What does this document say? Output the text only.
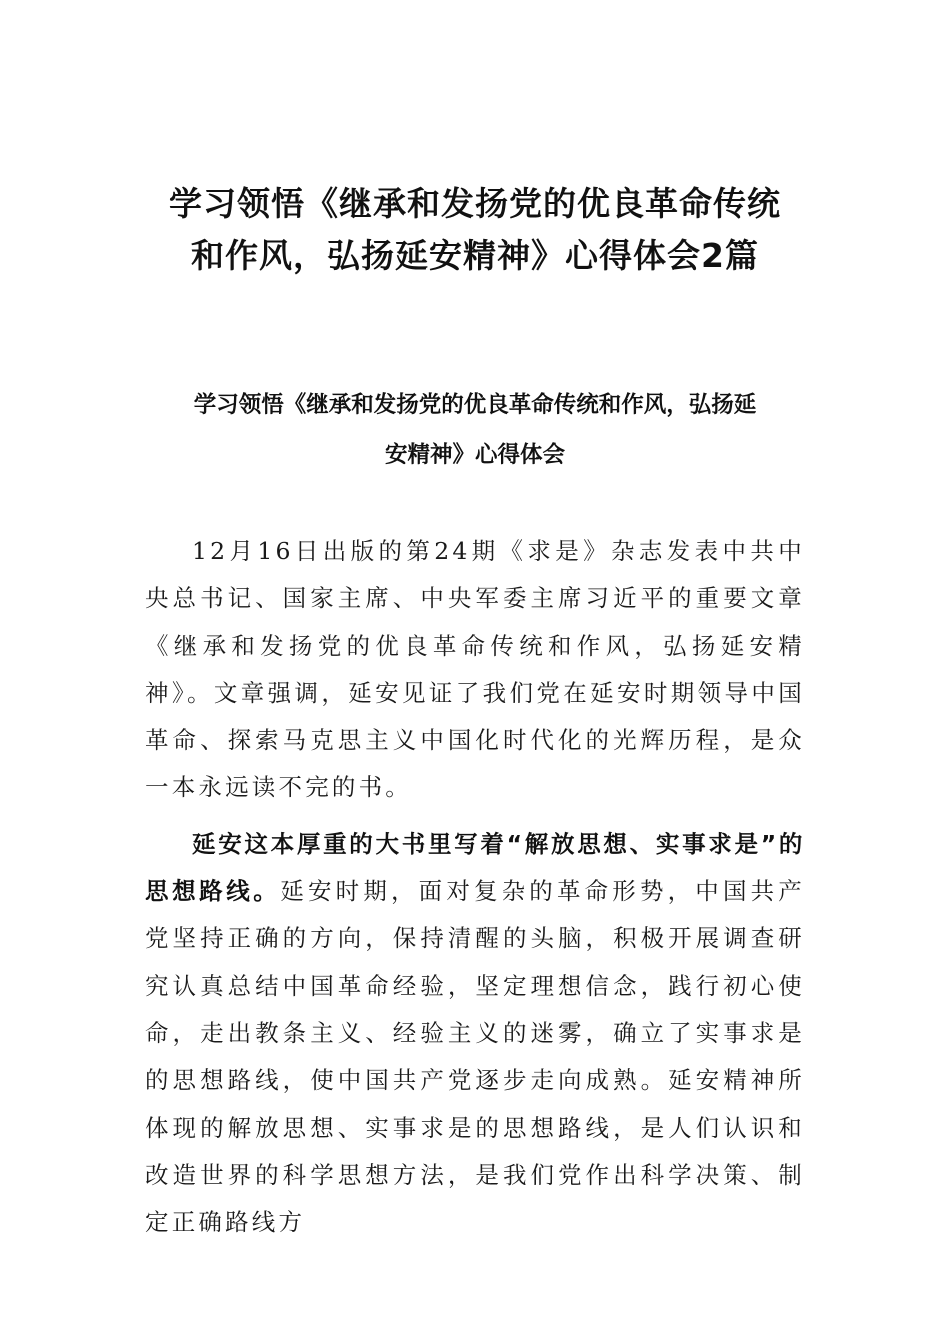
学习领悟《继承和发扬党的优良革命传统
和作风，弘扬延安精神》心得体会2篇
学习领悟《继承和发扬党的优良革命传统和作风，弘扬延
安精神》心得体会

12月16日出版的第24期《求是》杂志发表中共中央总书记、国家主席、中央军委主席习近平的重要文章《继承和发扬党的优良革命传统和作风，弘扬延安精神》。文章强调，延安见证了我们党在延安时期领导中国革命、探索马克思主义中国化时代化的光辉历程，是众一本永远读不完的书。

延安这本厚重的大书里写着“解放思想、实事求是”的思想路线。延安时期，面对复杂的革命形势，中国共产党坚持正确的方向，保持清醒的头脑，积极开展调查研究认真总结中国革命经验，坚定理想信念，践行初心使命，走出教条主义、经验主义的迷雾，确立了实事求是的思想路线，使中国共产党逐步走向成熟。延安精神所体现的解放思想、实事求是的思想路线，是人们认识和改造世界的科学思想方法，是我们党作出科学决策、制定正确路线方
